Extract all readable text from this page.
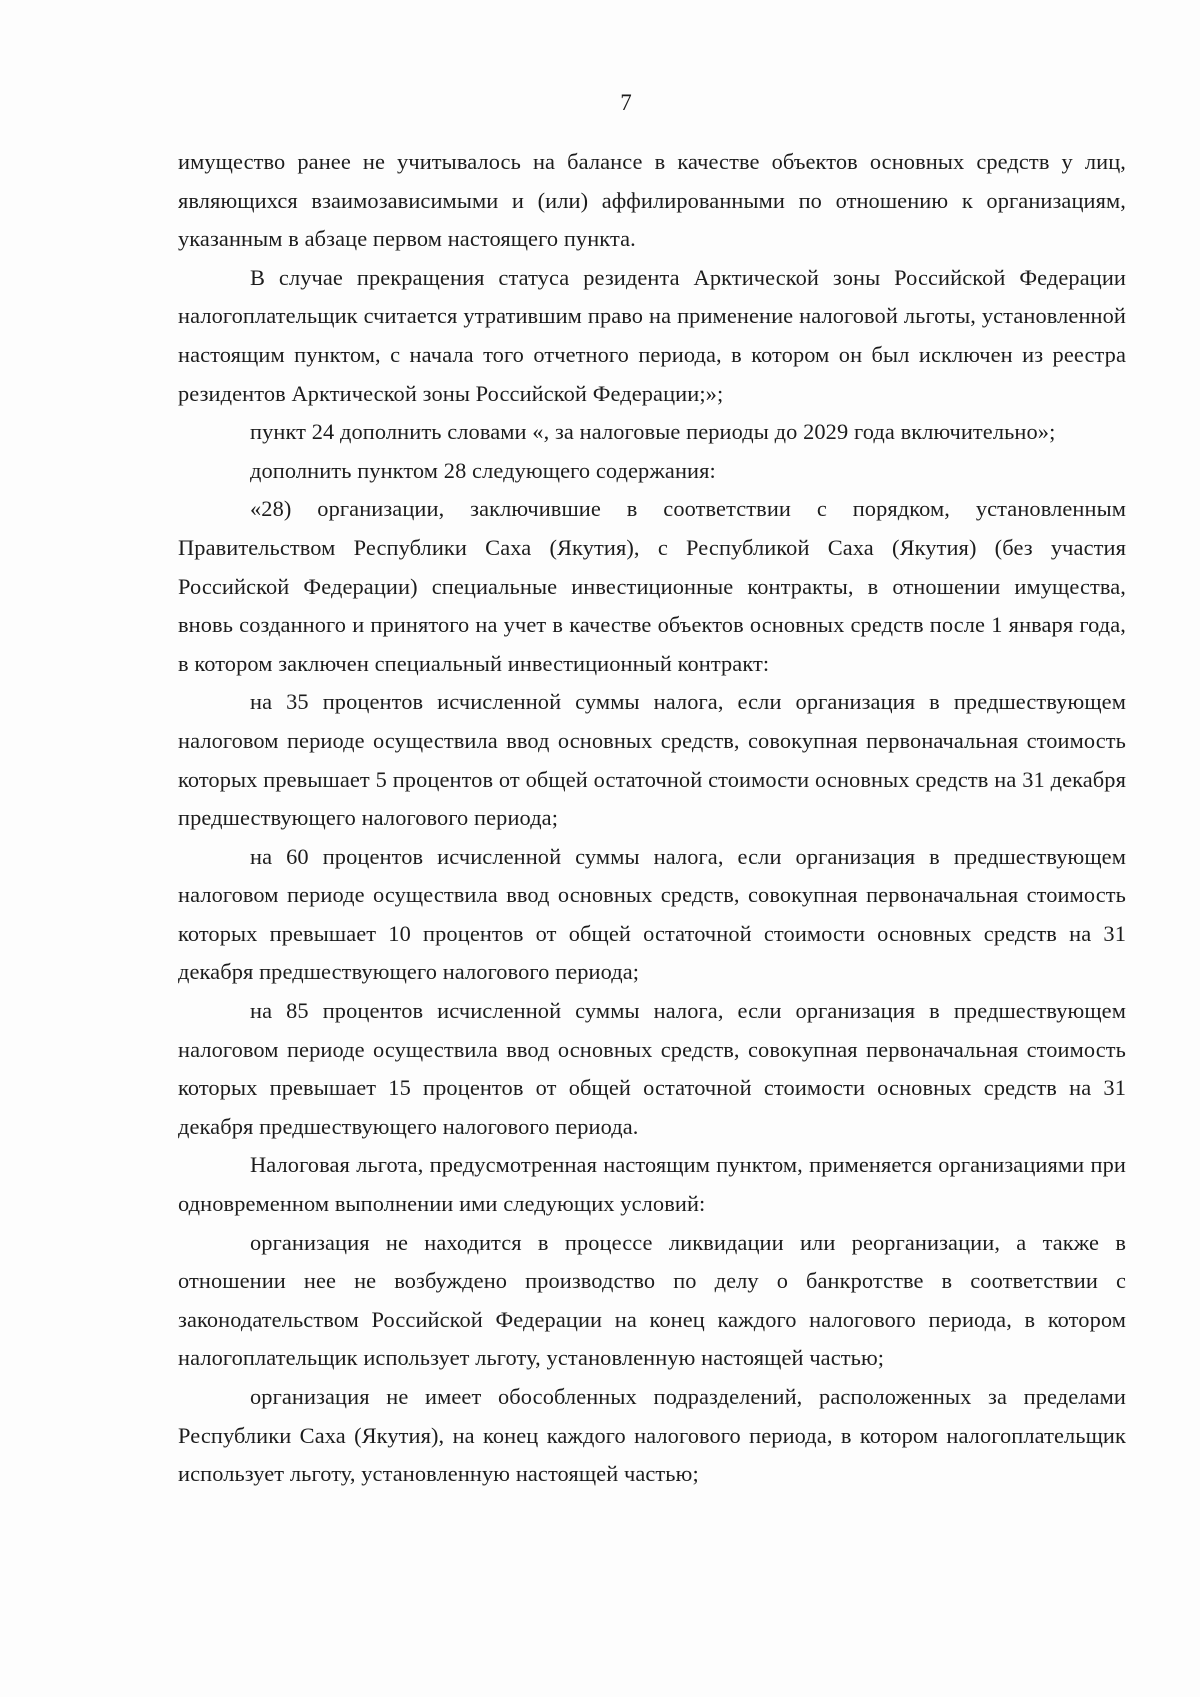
7

имущество ранее не учитывалось на балансе в качестве объектов основных средств у лиц, являющихся взаимозависимыми и (или) аффилированными по отношению к организациям, указанным в абзаце первом настоящего пункта.

В случае прекращения статуса резидента Арктической зоны Российской Федерации налогоплательщик считается утратившим право на применение налоговой льготы, установленной настоящим пунктом, с начала того отчетного периода, в котором он был исключен из реестра резидентов Арктической зоны Российской Федерации;»;

пункт 24 дополнить словами «, за налоговые периоды до 2029 года включительно»;

дополнить пунктом 28 следующего содержания:

«28) организации, заключившие в соответствии с порядком, установленным Правительством Республики Саха (Якутия), с Республикой Саха (Якутия) (без участия Российской Федерации) специальные инвестиционные контракты, в отношении имущества, вновь созданного и принятого на учет в качестве объектов основных средств после 1 января года, в котором заключен специальный инвестиционный контракт:

на 35 процентов исчисленной суммы налога, если организация в предшествующем налоговом периоде осуществила ввод основных средств, совокупная первоначальная стоимость которых превышает 5 процентов от общей остаточной стоимости основных средств на 31 декабря предшествующего налогового периода;

на 60 процентов исчисленной суммы налога, если организация в предшествующем налоговом периоде осуществила ввод основных средств, совокупная первоначальная стоимость которых превышает 10 процентов от общей остаточной стоимости основных средств на 31 декабря предшествующего налогового периода;

на 85 процентов исчисленной суммы налога, если организация в предшествующем налоговом периоде осуществила ввод основных средств, совокупная первоначальная стоимость которых превышает 15 процентов от общей остаточной стоимости основных средств на 31 декабря предшествующего налогового периода.

Налоговая льгота, предусмотренная настоящим пунктом, применяется организациями при одновременном выполнении ими следующих условий:

организация не находится в процессе ликвидации или реорганизации, а также в отношении нее не возбуждено производство по делу о банкротстве в соответствии с законодательством Российской Федерации на конец каждого налогового периода, в котором налогоплательщик использует льготу, установленную настоящей частью;

организация не имеет обособленных подразделений, расположенных за пределами Республики Саха (Якутия), на конец каждого налогового периода, в котором налогоплательщик использует льготу, установленную настоящей частью;
